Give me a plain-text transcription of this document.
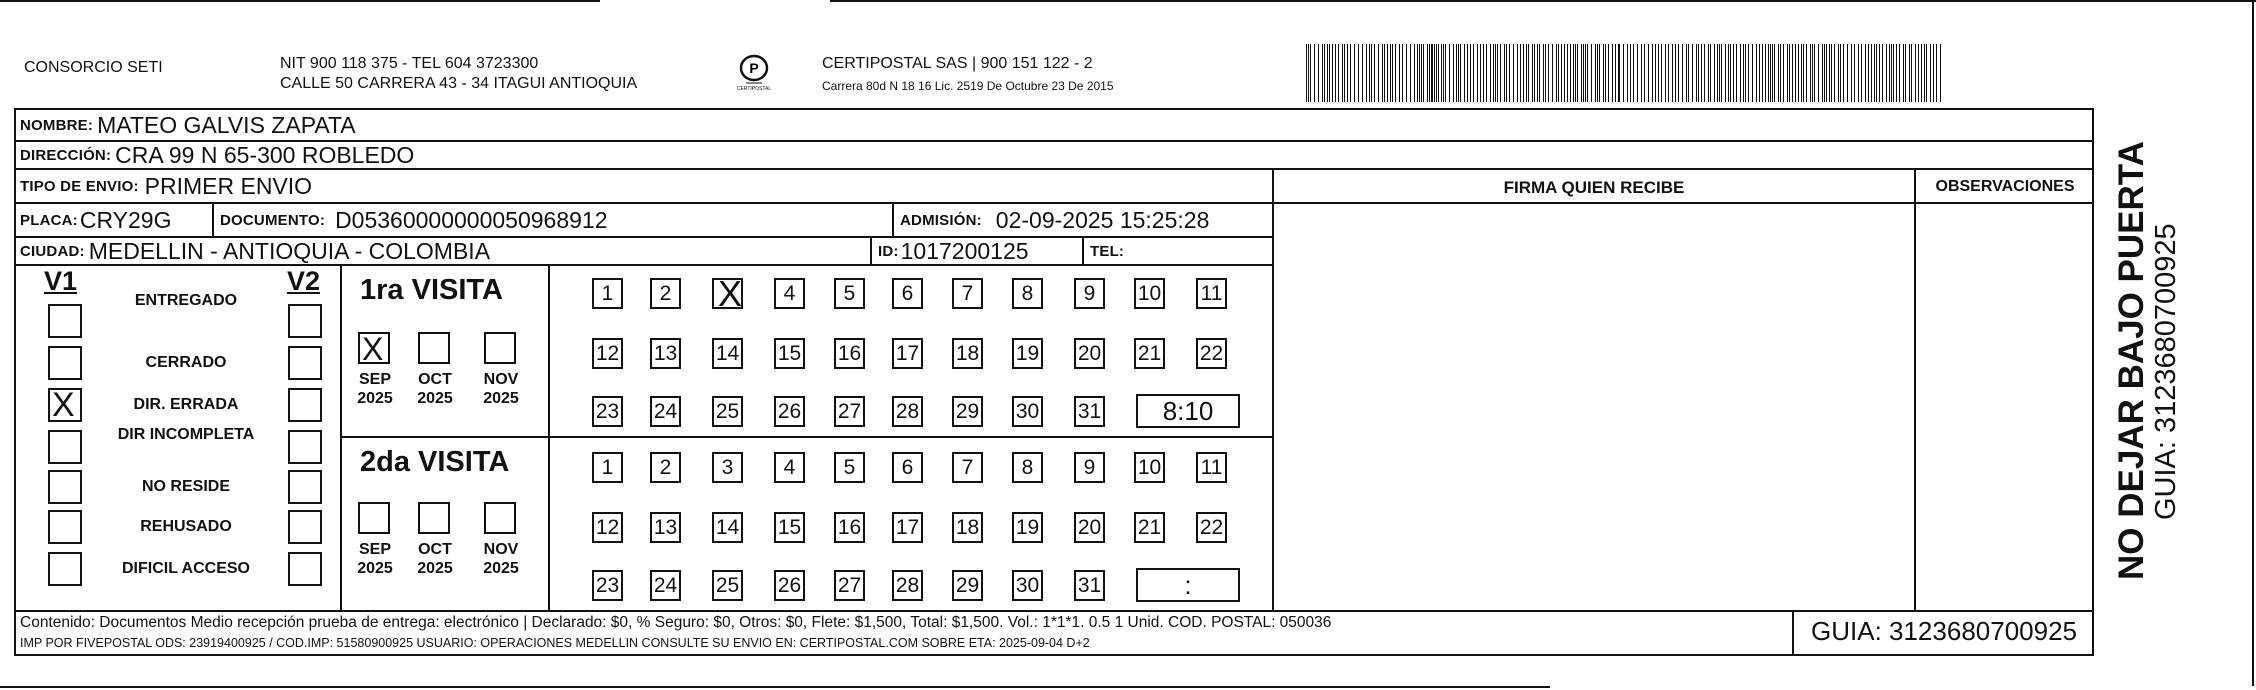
CONSORCIO SETI	NIT 900 118 375 - TEL 604 3723300
CALLE 50 CARRERA 43 - 34 ITAGUI ANTIOQUIA
P
CERTIPOSTAL
CERTIPOSTAL SAS | 900 151 122 - 2
Carrera 80d N 18 16 Lic. 2519 De Octubre 23 De 2015
NOMBRE: MATEO GALVIS ZAPATA
DIRECCIÓN: CRA 99 N 65-300 ROBLEDO
TIPO DE ENVIO: PRIMER ENVIO	FIRMA QUIEN RECIBE	OBSERVACIONES
PLACA: CRY29G	DOCUMENTO: D05360000000050968912	ADMISIÓN: 02-09-2025 15:25:28
CIUDAD: MEDELLIN - ANTIOQUIA - COLOMBIA	ID: 1017200125	TEL:
V1	V2
ENTREGADO
CERRADO
X
DIR. ERRADA
DIR INCOMPLETA
NO RESIDE
REHUSADO
DIFICIL ACCESO
1ra VISITA
2da VISITA
X
SEP
2025
OCT
2025
NOV
2025
1	2
X	4	5	6	7	8	9	10 11
12 13 14 15 16 17 18 19 20 21 22
23 24 25 26 27 28 29 30 31	8:10
SEP
2025
OCT
2025
NOV
2025
1	2	3	4	5	6	7	8	9	10 11
12 13 14 15 16 17 18 19 20 21 22
23 24 25 26 27 28 29 30 31	:
Contenido: Documentos Medio recepción prueba de entrega: electrónico | Declarado: $0, % Seguro: $0, Otros: $0, Flete: $1,500, Total: $1,500. Vol.: 1*1*1. 0.5 1 Unid. COD. POSTAL: 050036
IMP POR FIVEPOSTAL ODS: 23919400925 / COD.IMP: 51580900925 USUARIO: OPERACIONES MEDELLIN CONSULTE SU ENVIO EN: CERTIPOSTAL.COM SOBRE ETA: 2025-09-04 D+2	GUIA: 3123680700925
NO DEJAR BAJO PUERTA GUIA: 3123680700925
